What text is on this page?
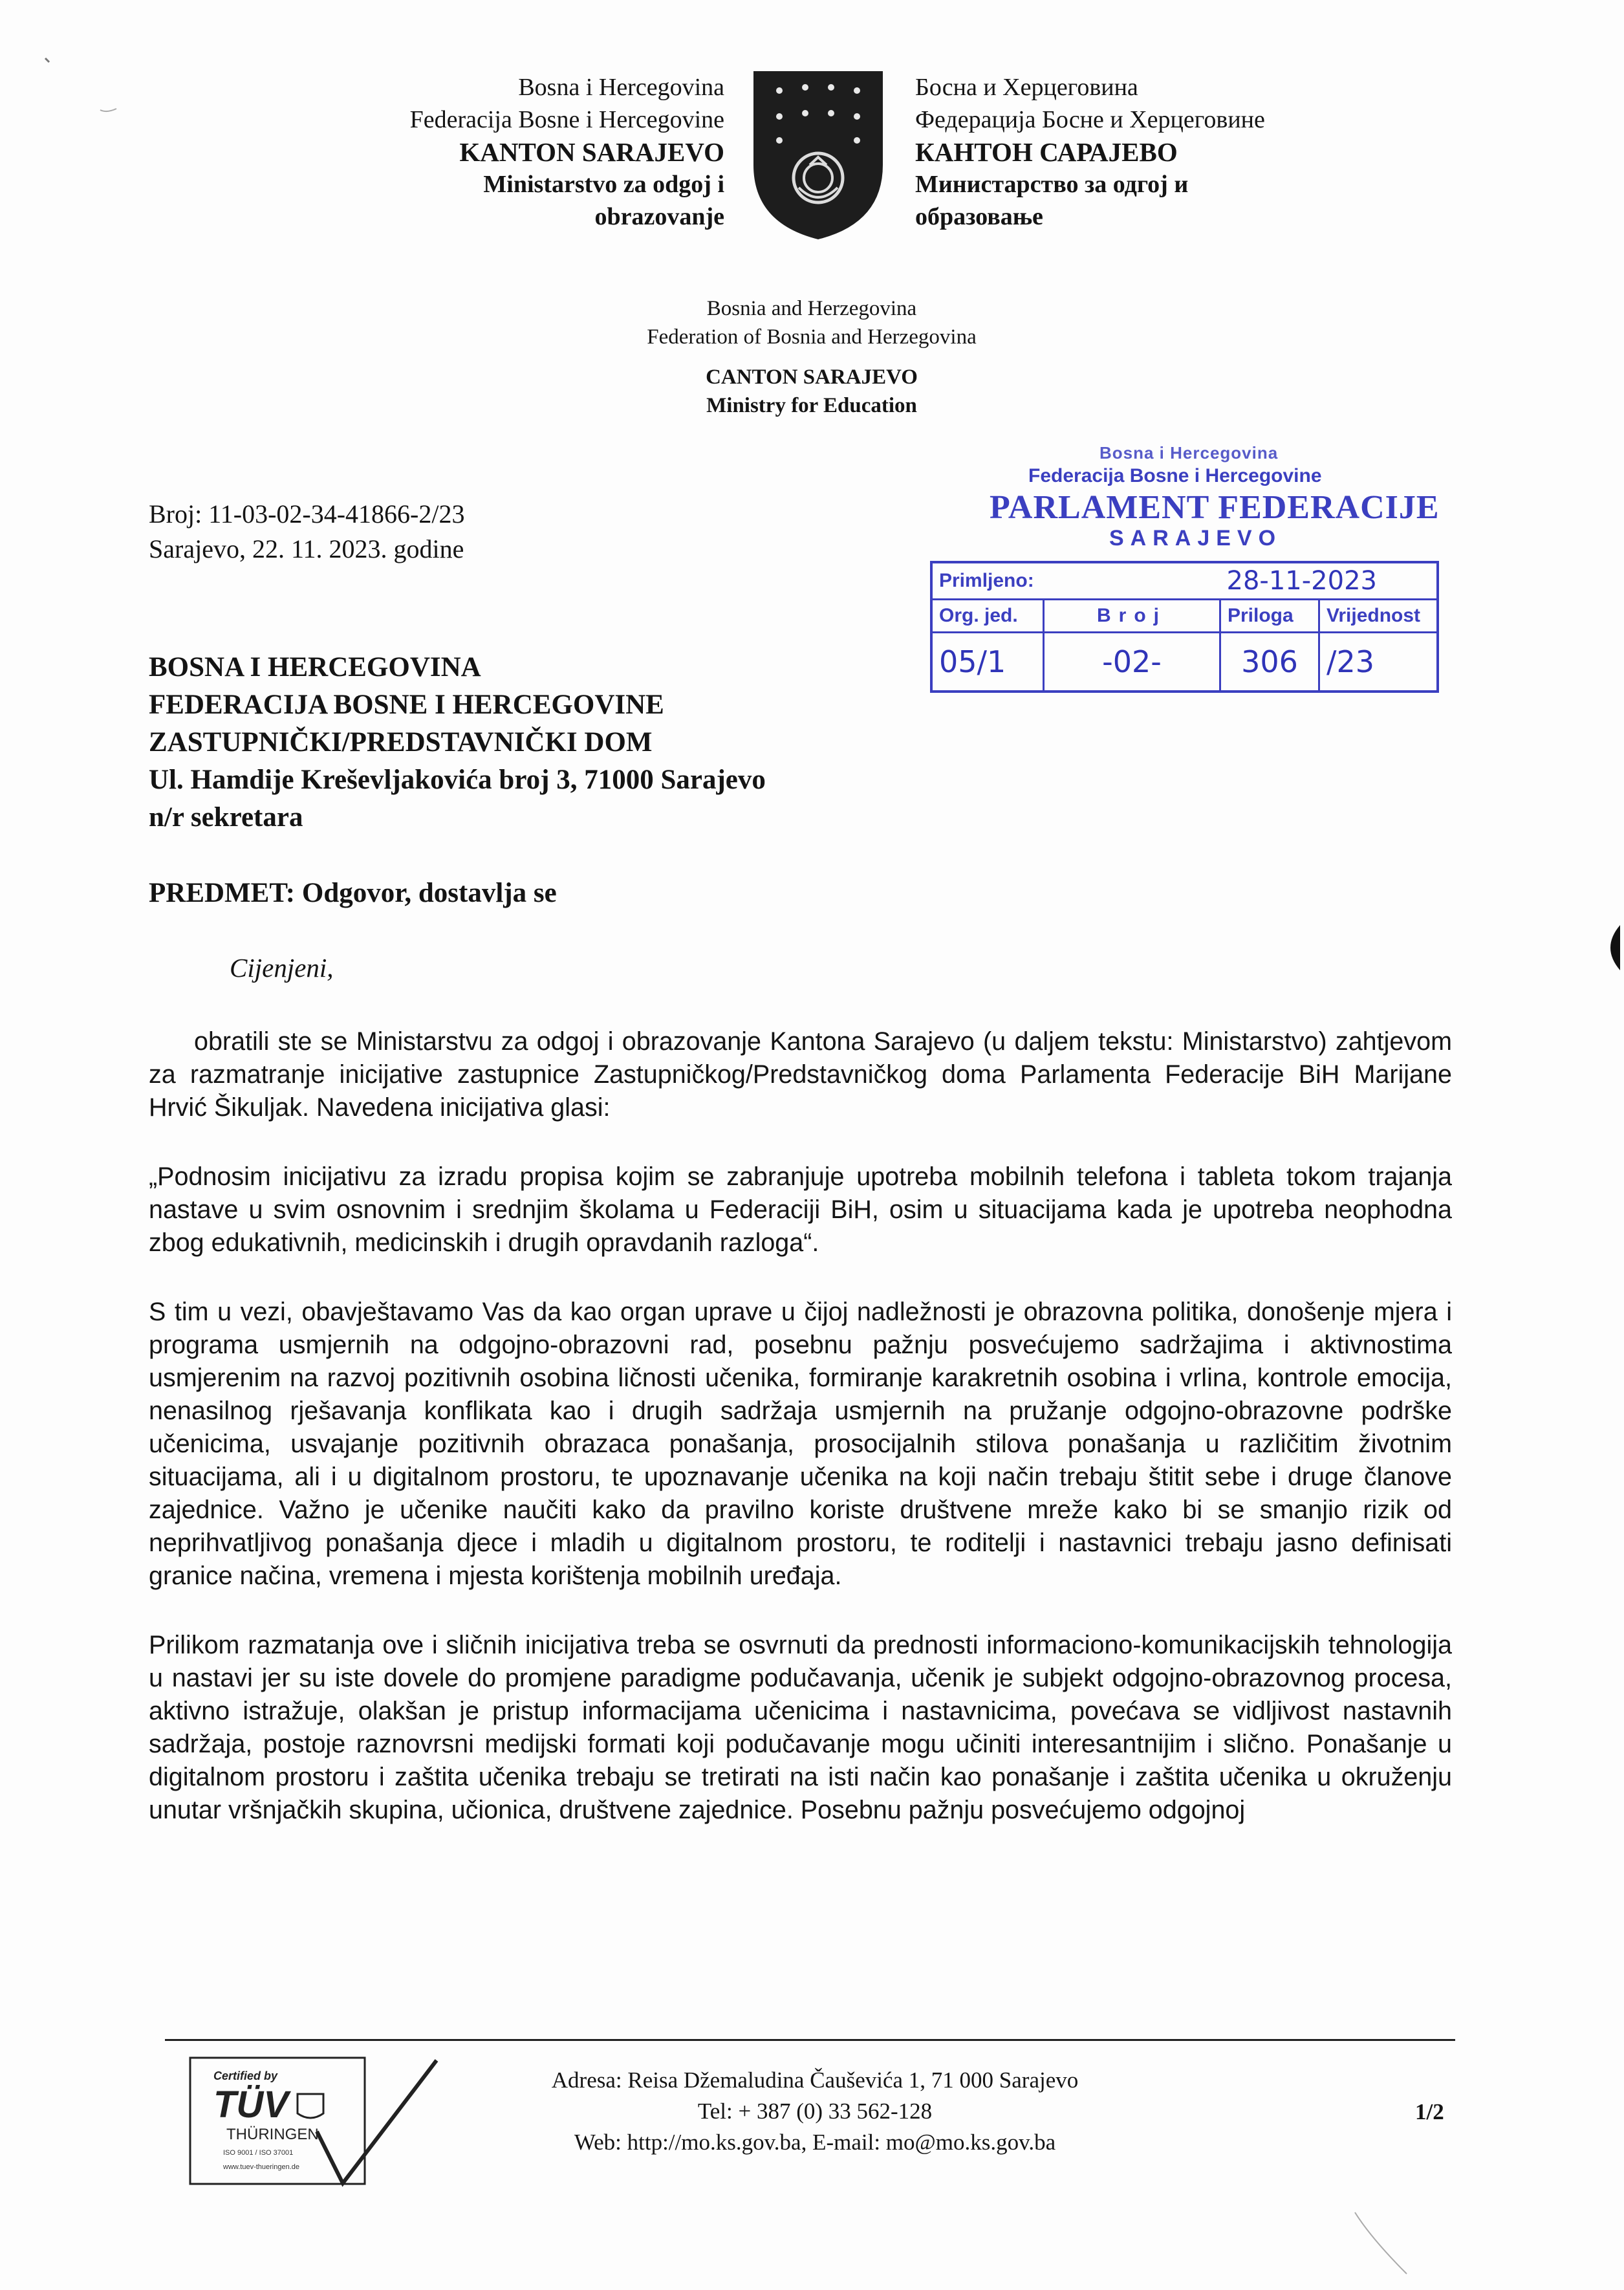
Bosna i Hercegovina
Federacija Bosne i Hercegovine
KANTON SARAJEVO
Ministarstvo za odgoj i
obrazovanje
Босна и Херцеговина
Федерација Босне и Херцеговине
КАНТОН САРАЈЕВО
Министарство за одгој и
образовање
Bosnia and Herzegovina
Federation of Bosnia and Herzegovina
CANTON SARAJEVO
Ministry for Education
Broj: 11-03-02-34-41866-2/23
Sarajevo, 22. 11. 2023. godine
Bosna i Hercegovina
Federacija Bosne i Hercegovine
PARLAMENT FEDERACIJE
SARAJEVO
Primljeno:		28-11-2023	
Org. jed.	Broj	Priloga	Vrijednost
05/1	-02-	306	/23
BOSNA I HERCEGOVINA
FEDERACIJA BOSNE I HERCEGOVINE
ZASTUPNIČKI/PREDSTAVNIČKI DOM
Ul. Hamdije Kreševljakovića broj 3, 71000 Sarajevo
n/r sekretara
PREDMET: Odgovor, dostavlja se
Cijenjeni,

obratili ste se Ministarstvu za odgoj i obrazovanje Kantona Sarajevo (u daljem tekstu: Ministarstvo) zahtjevom za razmatranje inicijative zastupnice Zastupničkog/Predstavničkog doma Parlamenta Federacije BiH Marijane Hrvić Šikuljak. Navedena inicijativa glasi:

„Podnosim inicijativu za izradu propisa kojim se zabranjuje upotreba mobilnih telefona i tableta tokom trajanja nastave u svim osnovnim i srednjim školama u Federaciji BiH, osim u situacijama kada je upotreba neophodna zbog edukativnih, medicinskih i drugih opravdanih razloga“.

S tim u vezi, obavještavamo Vas da kao organ uprave u čijoj nadležnosti je obrazovna politika, donošenje mjera i programa usmjernih na odgojno-obrazovni rad, posebnu pažnju posvećujemo sadržajima i aktivnostima usmjerenim na razvoj pozitivnih osobina ličnosti učenika, formiranje karakretnih osobina i vrlina, kontrole emocija, nenasilnog rješavanja konflikata kao i drugih sadržaja usmjernih na pružanje odgojno-obrazovne podrške učenicima, usvajanje pozitivnih obrazaca ponašanja, prosocijalnih stilova ponašanja u različitim životnim situacijama, ali i u digitalnom prostoru, te upoznavanje učenika na koji način trebaju štitit sebe i druge članove zajednice. Važno je učenike naučiti kako da pravilno koriste društvene mreže kako bi se smanjio rizik od neprihvatljivog ponašanja djece i mladih u digitalnom prostoru, te roditelji i nastavnici trebaju jasno definisati granice načina, vremena i mjesta korištenja mobilnih uređaja.

Prilikom razmatanja ove i sličnih inicijativa treba se osvrnuti da prednosti informaciono-komunikacijskih tehnologija u nastavi jer su iste dovele do promjene paradigme podučavanja, učenik je subjekt odgojno-obrazovnog procesa, aktivno istražuje, olakšan je pristup informacijama učenicima i nastavnicima, povećava se vidljivost nastavnih sadržaja, postoje raznovrsni medijski formati koji podučavanje mogu učiniti interesantnijim i slično. Ponašanje u digitalnom prostoru i zaštita učenika trebaju se tretirati na isti način kao ponašanje i zaštita učenika u okruženju unutar vršnjačkih skupina, učionica, društvene zajednice. Posebnu pažnju posvećujemo odgojnoj

Certified by
TÜV
THÜRINGEN
ISO 9001 / ISO 37001
www.tuev-thueringen.de
Adresa: Reisa Džemaludina Čauševića 1, 71 000 Sarajevo
Tel: + 387 (0) 33 562-128
Web: http://mo.ks.gov.ba, E-mail: mo@mo.ks.gov.ba
1/2
